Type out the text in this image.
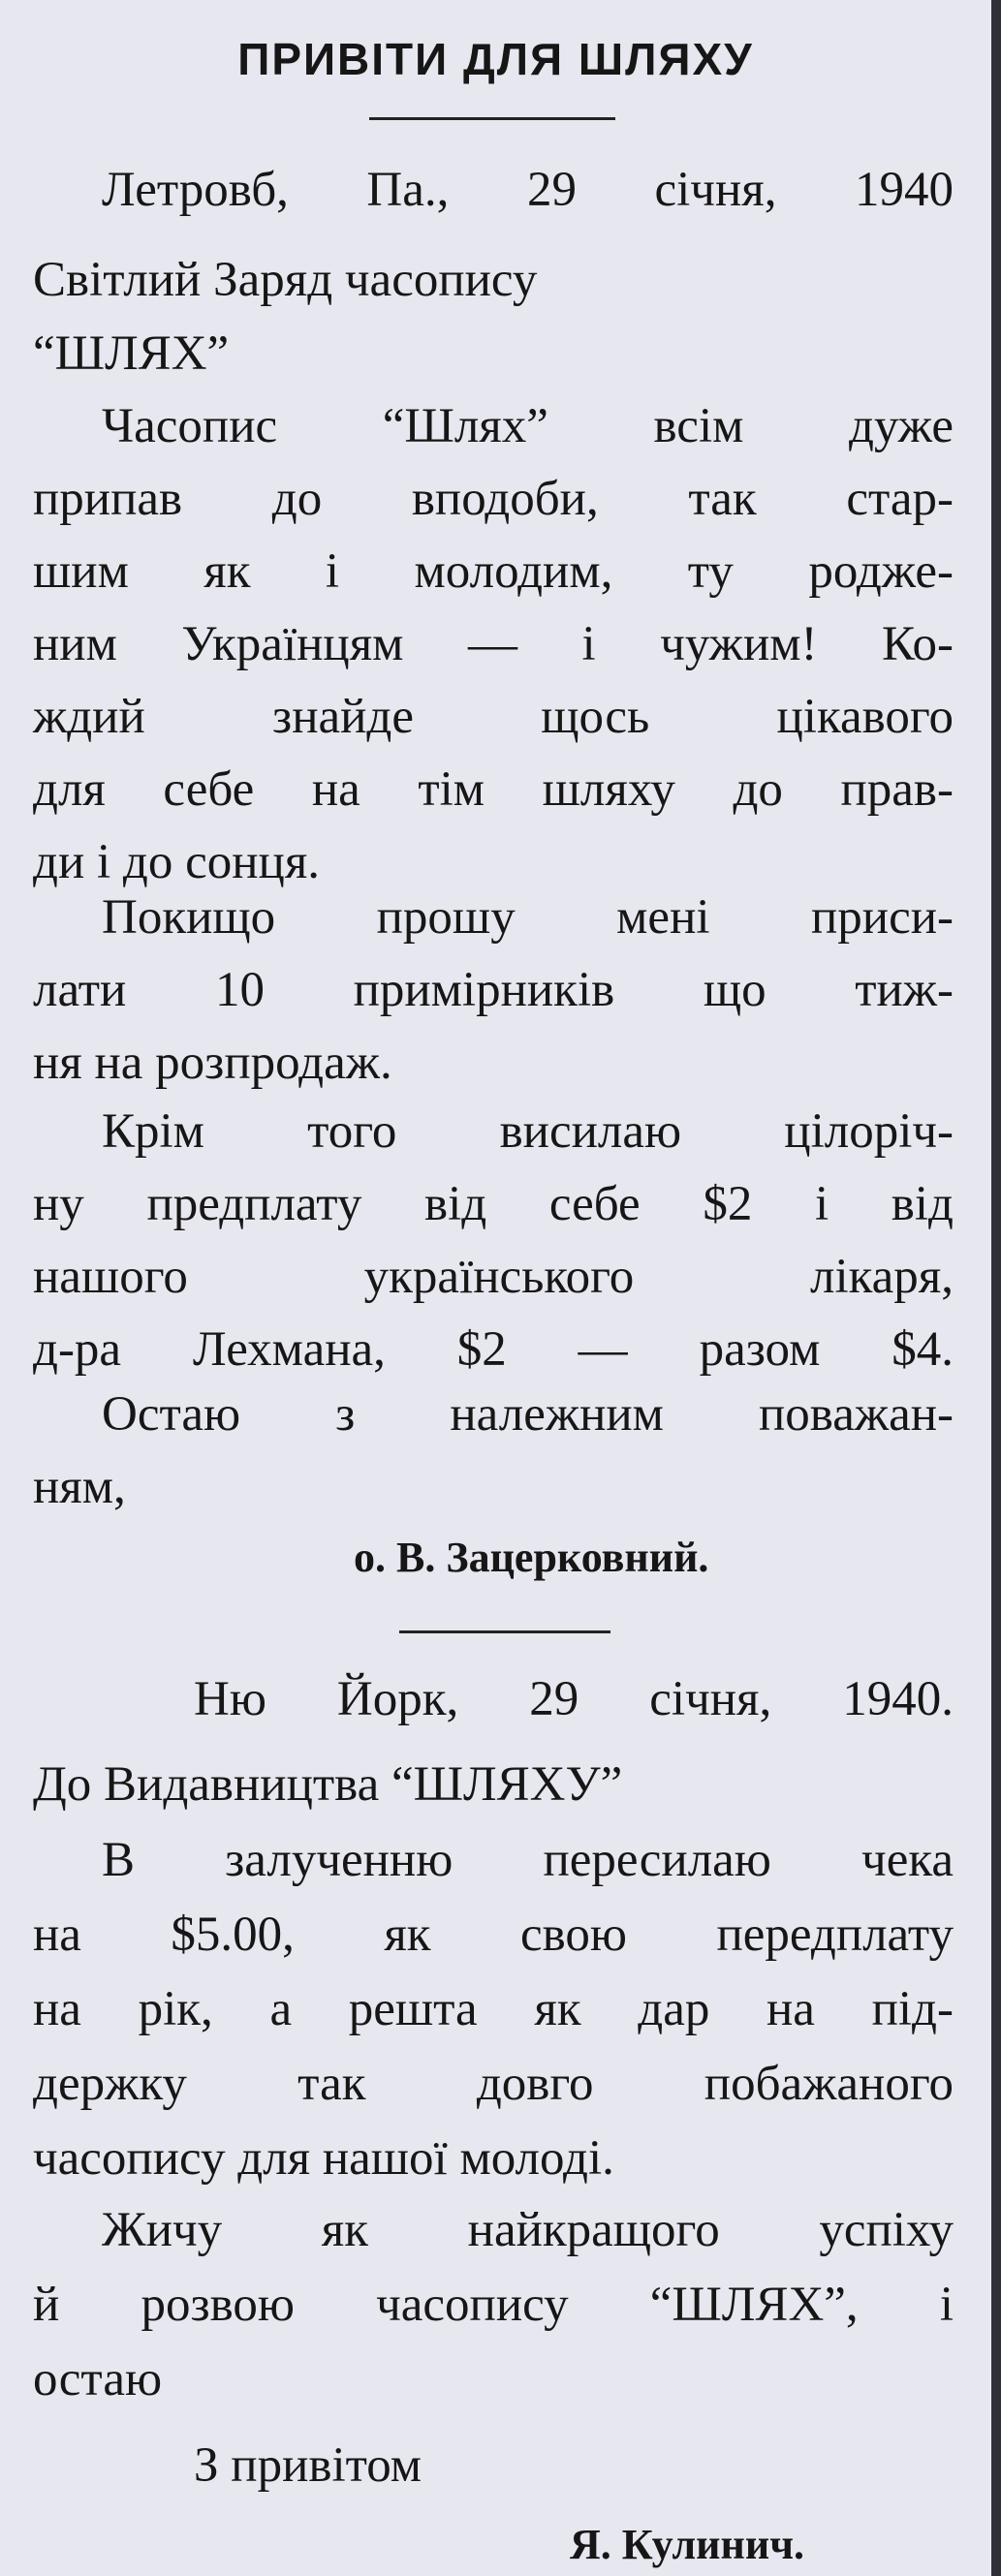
ПРИВІТИ ДЛЯ ШЛЯХУ
Летровб, Па., 29 січня, 1940
Світлий Заряд часопису
“ШЛЯХ”
Часопис “Шлях” всім дуже
припав до вподоби, так стар-
шим як і молодим, ту родже-
ним Українцям — і чужим! Ко-
ждий знайде щось цікавого
для себе на тім шляху до прав-
ди і до сонця.
Покищо прошу мені приси-
лати 10 примірників що тиж-
ня на розпродаж.
Крім того висилаю цілоріч-
ну предплату від себе $2 і від
нашого українського лікаря,
д-ра Лехмана, $2 — разом $4.
Остаю з належним поважан-
ням,
о. В. Зацерковний.
Ню Йорк, 29 січня, 1940.
До Видавництва “ШЛЯХУ”
В залученню пересилаю чека
на $5.00, як свою передплату
на рік, а решта як дар на під-
держку так довго побажаного
часопису для нашої молоді.
Жичу як найкращого успіху
й розвою часопису “ШЛЯХ”, і
остаю
З привітом
Я. Кулинич.
